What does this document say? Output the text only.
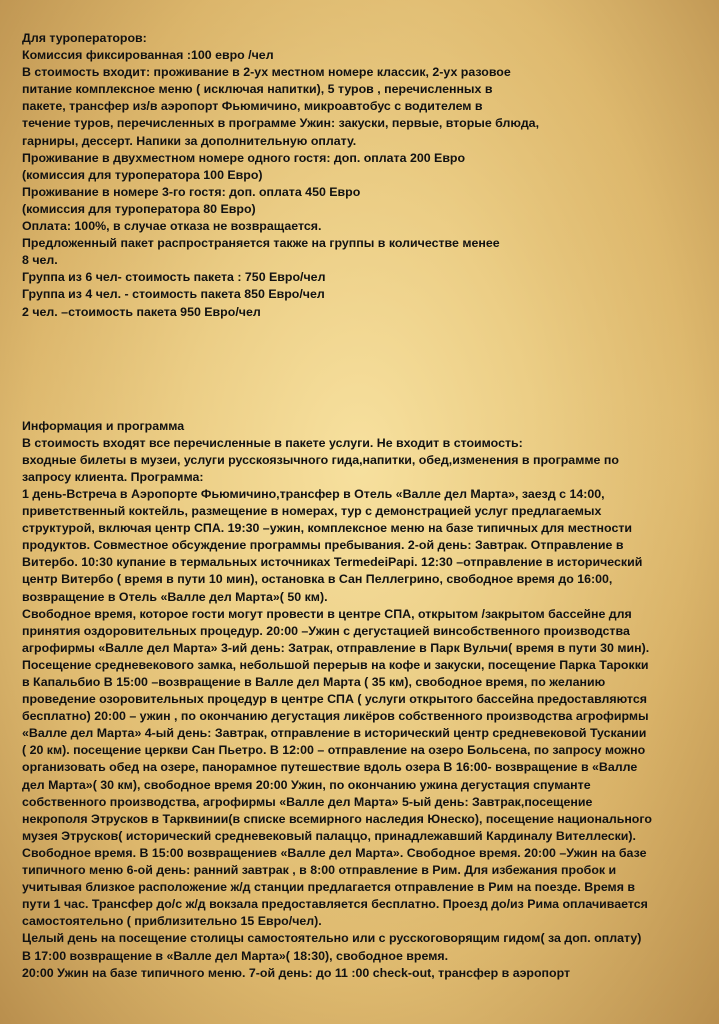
Для туроператоров:

Комиссия фиксированная :100 евро /чел

В стоимость входит: проживание в 2-ух местном номере классик, 2-ух разовое

питание комплексное меню ( исключая напитки), 5 туров , перечисленных в

пакете, трансфер из/в аэропорт Фьюмичино, микроавтобус с водителем в

течение туров, перечисленных в программе Ужин: закуски, первые, вторые блюда,

гарниры, дессерт. Напики за дополнительную оплату.

Проживание в двухместном номере одного гостя: доп. оплата 200 Евро

(комиссия для туроператора 100 Евро)

Проживание в номере 3-го гостя: доп. оплата 450 Евро

(комиссия для туроператора 80 Евро)

Оплата: 100%, в случае отказа не возвращается.

Предложенный пакет распространяется также на группы в количестве менее

8 чел.

Группа из 6 чел- стоимость пакета : 750 Евро/чел

Группа из 4 чел. - стоимость пакета 850 Евро/чел

2 чел. –стоимость пакета 950 Евро/чел

Информация и программа

В стоимость входят все перечисленные в пакете услуги. Не входит в стоимость:

входные билеты в музеи, услуги русскоязычного гида,напитки, обед,изменения в программе по

запросу клиента. Программа:

1 день-Встреча в Аэропорте Фьюмичино,трансфер в Отель «Валле дел Марта», заезд с 14:00,

приветственный коктейль, размещение в номерах, тур с демонстрацией услуг предлагаемых

структурой, включая центр СПА. 19:30 –ужин, комплексное меню на базе типичных для местности

продуктов. Совместное обсуждение программы пребывания. 2-ой день: Завтрак. Отправление в

Витербо. 10:30 купание в термальных источниках TermedeiPapi. 12:30 –отправление в исторический

центр Витербо ( время в пути 10 мин), остановка в Сан Пеллегрино, свободное время до 16:00,

возвращение в Отель «Валле дел Марта»( 50 км).

Свободное время, которое гости могут провести в центре СПА, открытом /закрытом бассейне для

принятия оздоровительных процедур. 20:00 –Ужин с дегустацией винсобственного производства

агрофирмы «Валле дел Марта» 3-ий день: Затрак, отправление в Парк Вульчи( время в пути 30 мин).

Посещение средневекового замка, небольшой перерыв на кофе и закуски, посещение Парка Тарокки

в Капальбио В 15:00 –возвращение в Валле дел Марта ( 35 км), свободное время, по желанию

проведение озоровительных процедур в центре СПА ( услуги открытого бассейна предоставляются

бесплатно) 20:00 – ужин , по окончанию дегустация ликёров собственного производства агрофирмы

«Валле дел Марта» 4-ый день: Завтрак, отправление в исторический центр средневековой Тускании

( 20 км). посещение церкви Сан Пьетро. В 12:00 – отправление на озеро Больсена, по запросу можно

организовать обед на озере, панорамное путешествие вдоль озера В 16:00- возвращение в «Валле

дел Марта»( 30 км), свободное время 20:00 Ужин, по окончанию ужина дегустация спуманте

собственного производства, агрофирмы «Валле дел Марта» 5-ый день: Завтрак,посещение

некрополя Этрусков в Тарквинии(в списке всемирного наследия Юнеско), посещение национального

музея Этрусков( исторический средневековый палаццо, принадлежавший Кардиналу Вителлески).

Свободное время. В 15:00 возвращениев «Валле дел Марта». Свободное время. 20:00 –Ужин на базе

типичного меню 6-ой день: ранний завтрак , в 8:00 отправление в Рим. Для избежания пробок и

учитывая близкое расположение ж/д станции предлагается отправление в Рим на поезде. Время в

пути 1 час. Трансфер до/с ж/д вокзала предоставляется бесплатно. Проезд до/из Рима оплачивается

самостоятельно ( приблизительно 15 Евро/чел).

Целый день на посещение столицы самостоятельно или с русскоговорящим гидом( за доп. оплату)

В 17:00 возвращение в «Валле дел Марта»( 18:30), свободное время.

20:00 Ужин на базе типичного меню. 7-ой день: до 11 :00 check-out, трансфер в аэропорт
